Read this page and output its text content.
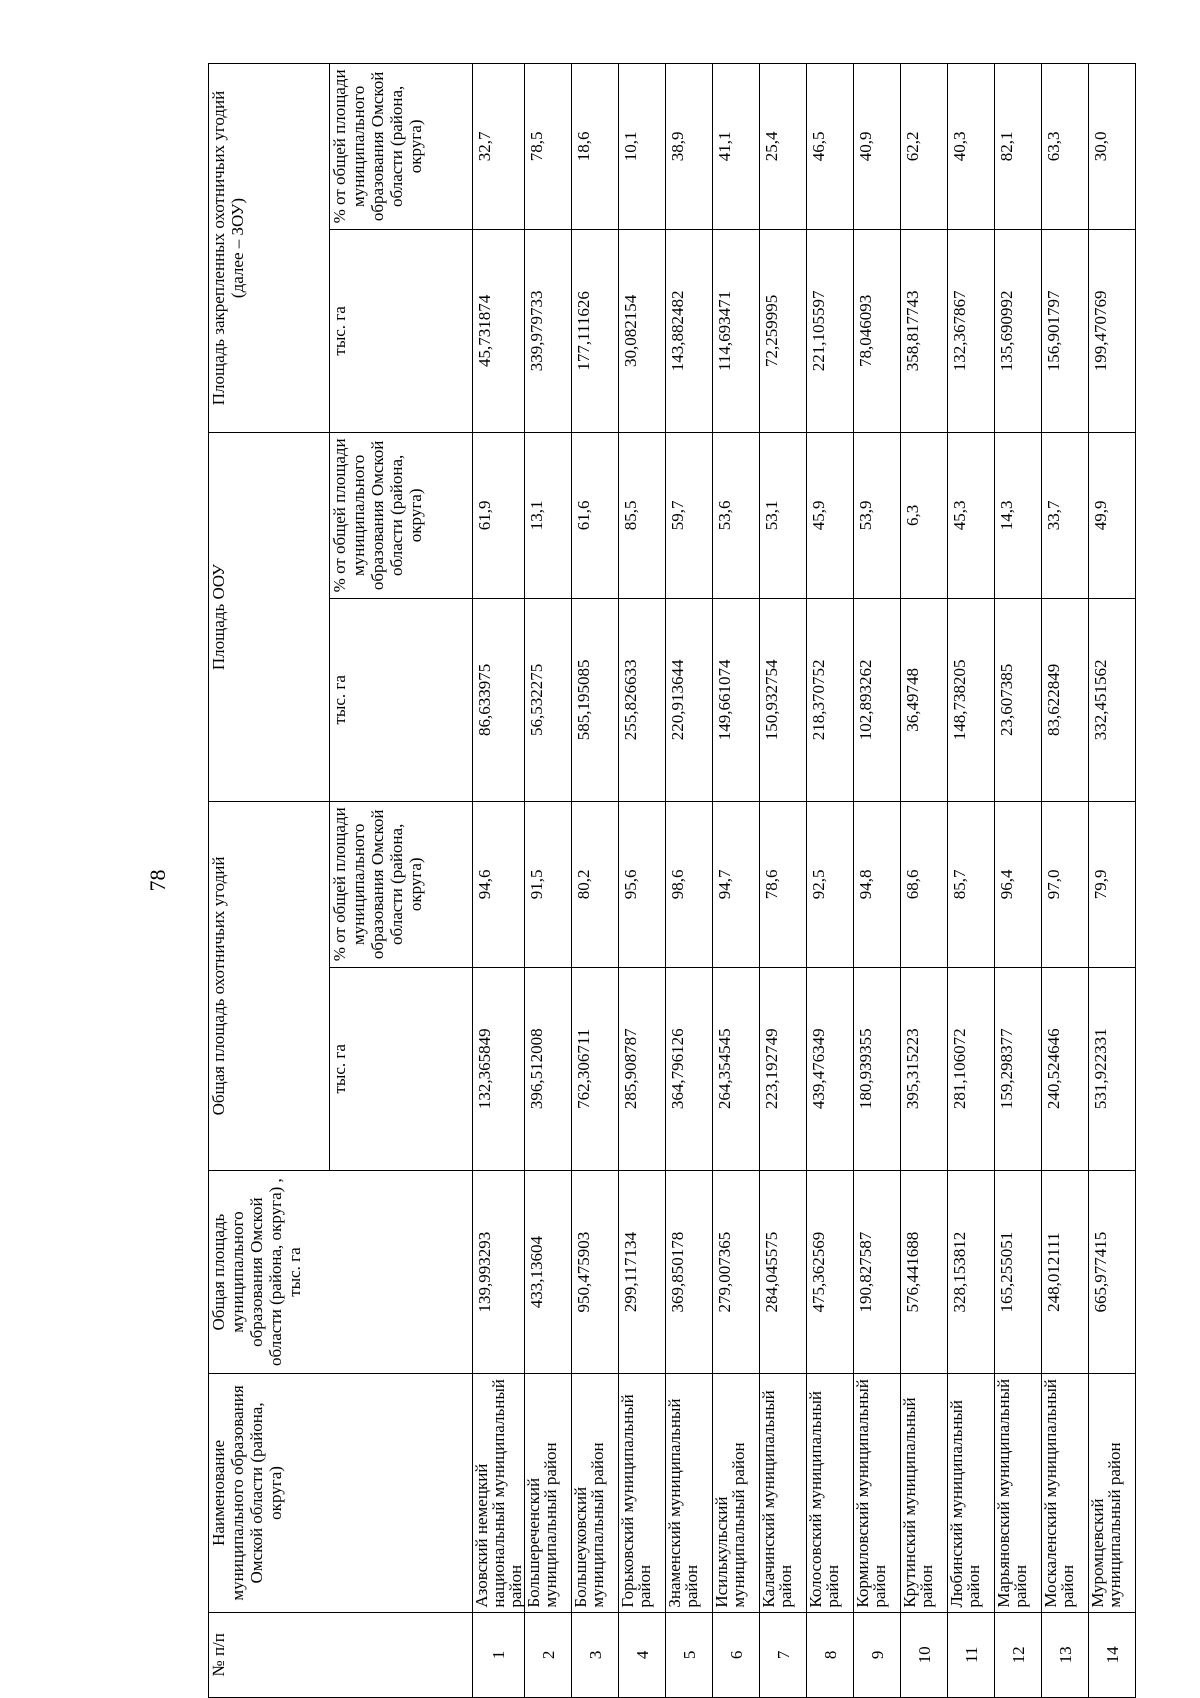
78
№ п/п	Наименование муниципального образования Омской области (района, округа)	Общая площадь муниципального образования Омской области (района, округа) , тыс. га	Общая площадь охотничьих угодий		Площадь ООУ		Площадь закрепленных охотничьих угодий (далее – ЗОУ)	
			тыс. га	% от общей площади муниципального образования Омской области (района, округа)	тыс. га	% от общей площади муниципального образования Омской области (района, округа)	тыс. га	% от общей площади муниципального образования Омской области (района, округа)
1	Азовский немецкий национальный муниципальный район	139,993293	132,365849	94,6	86,633975	61,9	45,731874	32,7
2	Большереченский муниципальный район	433,13604	396,512008	91,5	56,532275	13,1	339,979733	78,5
3	Большеуковский муниципальный район	950,475903	762,306711	80,2	585,195085	61,6	177,111626	18,6
4	Горьковский муниципальный район	299,117134	285,908787	95,6	255,826633	85,5	30,082154	10,1
5	Знаменский муниципальный район	369,850178	364,796126	98,6	220,913644	59,7	143,882482	38,9
6	Исилькульский муниципальный район	279,007365	264,354545	94,7	149,661074	53,6	114,693471	41,1
7	Калачинский муниципальный район	284,045575	223,192749	78,6	150,932754	53,1	72,259995	25,4
8	Колосовский муниципальный район	475,362569	439,476349	92,5	218,370752	45,9	221,105597	46,5
9	Кормиловский муниципальный район	190,827587	180,939355	94,8	102,893262	53,9	78,046093	40,9
10	Крутинский муниципальный район	576,441688	395,315223	68,6	36,49748	6,3	358,817743	62,2
11	Любинский муниципальный район	328,153812	281,106072	85,7	148,738205	45,3	132,367867	40,3
12	Марьяновский муниципальный район	165,255051	159,298377	96,4	23,607385	14,3	135,690992	82,1
13	Москаленский муниципальный район	248,012111	240,524646	97,0	83,622849	33,7	156,901797	63,3
14	Муромцевский муниципальный район	665,977415	531,922331	79,9	332,451562	49,9	199,470769	30,0
